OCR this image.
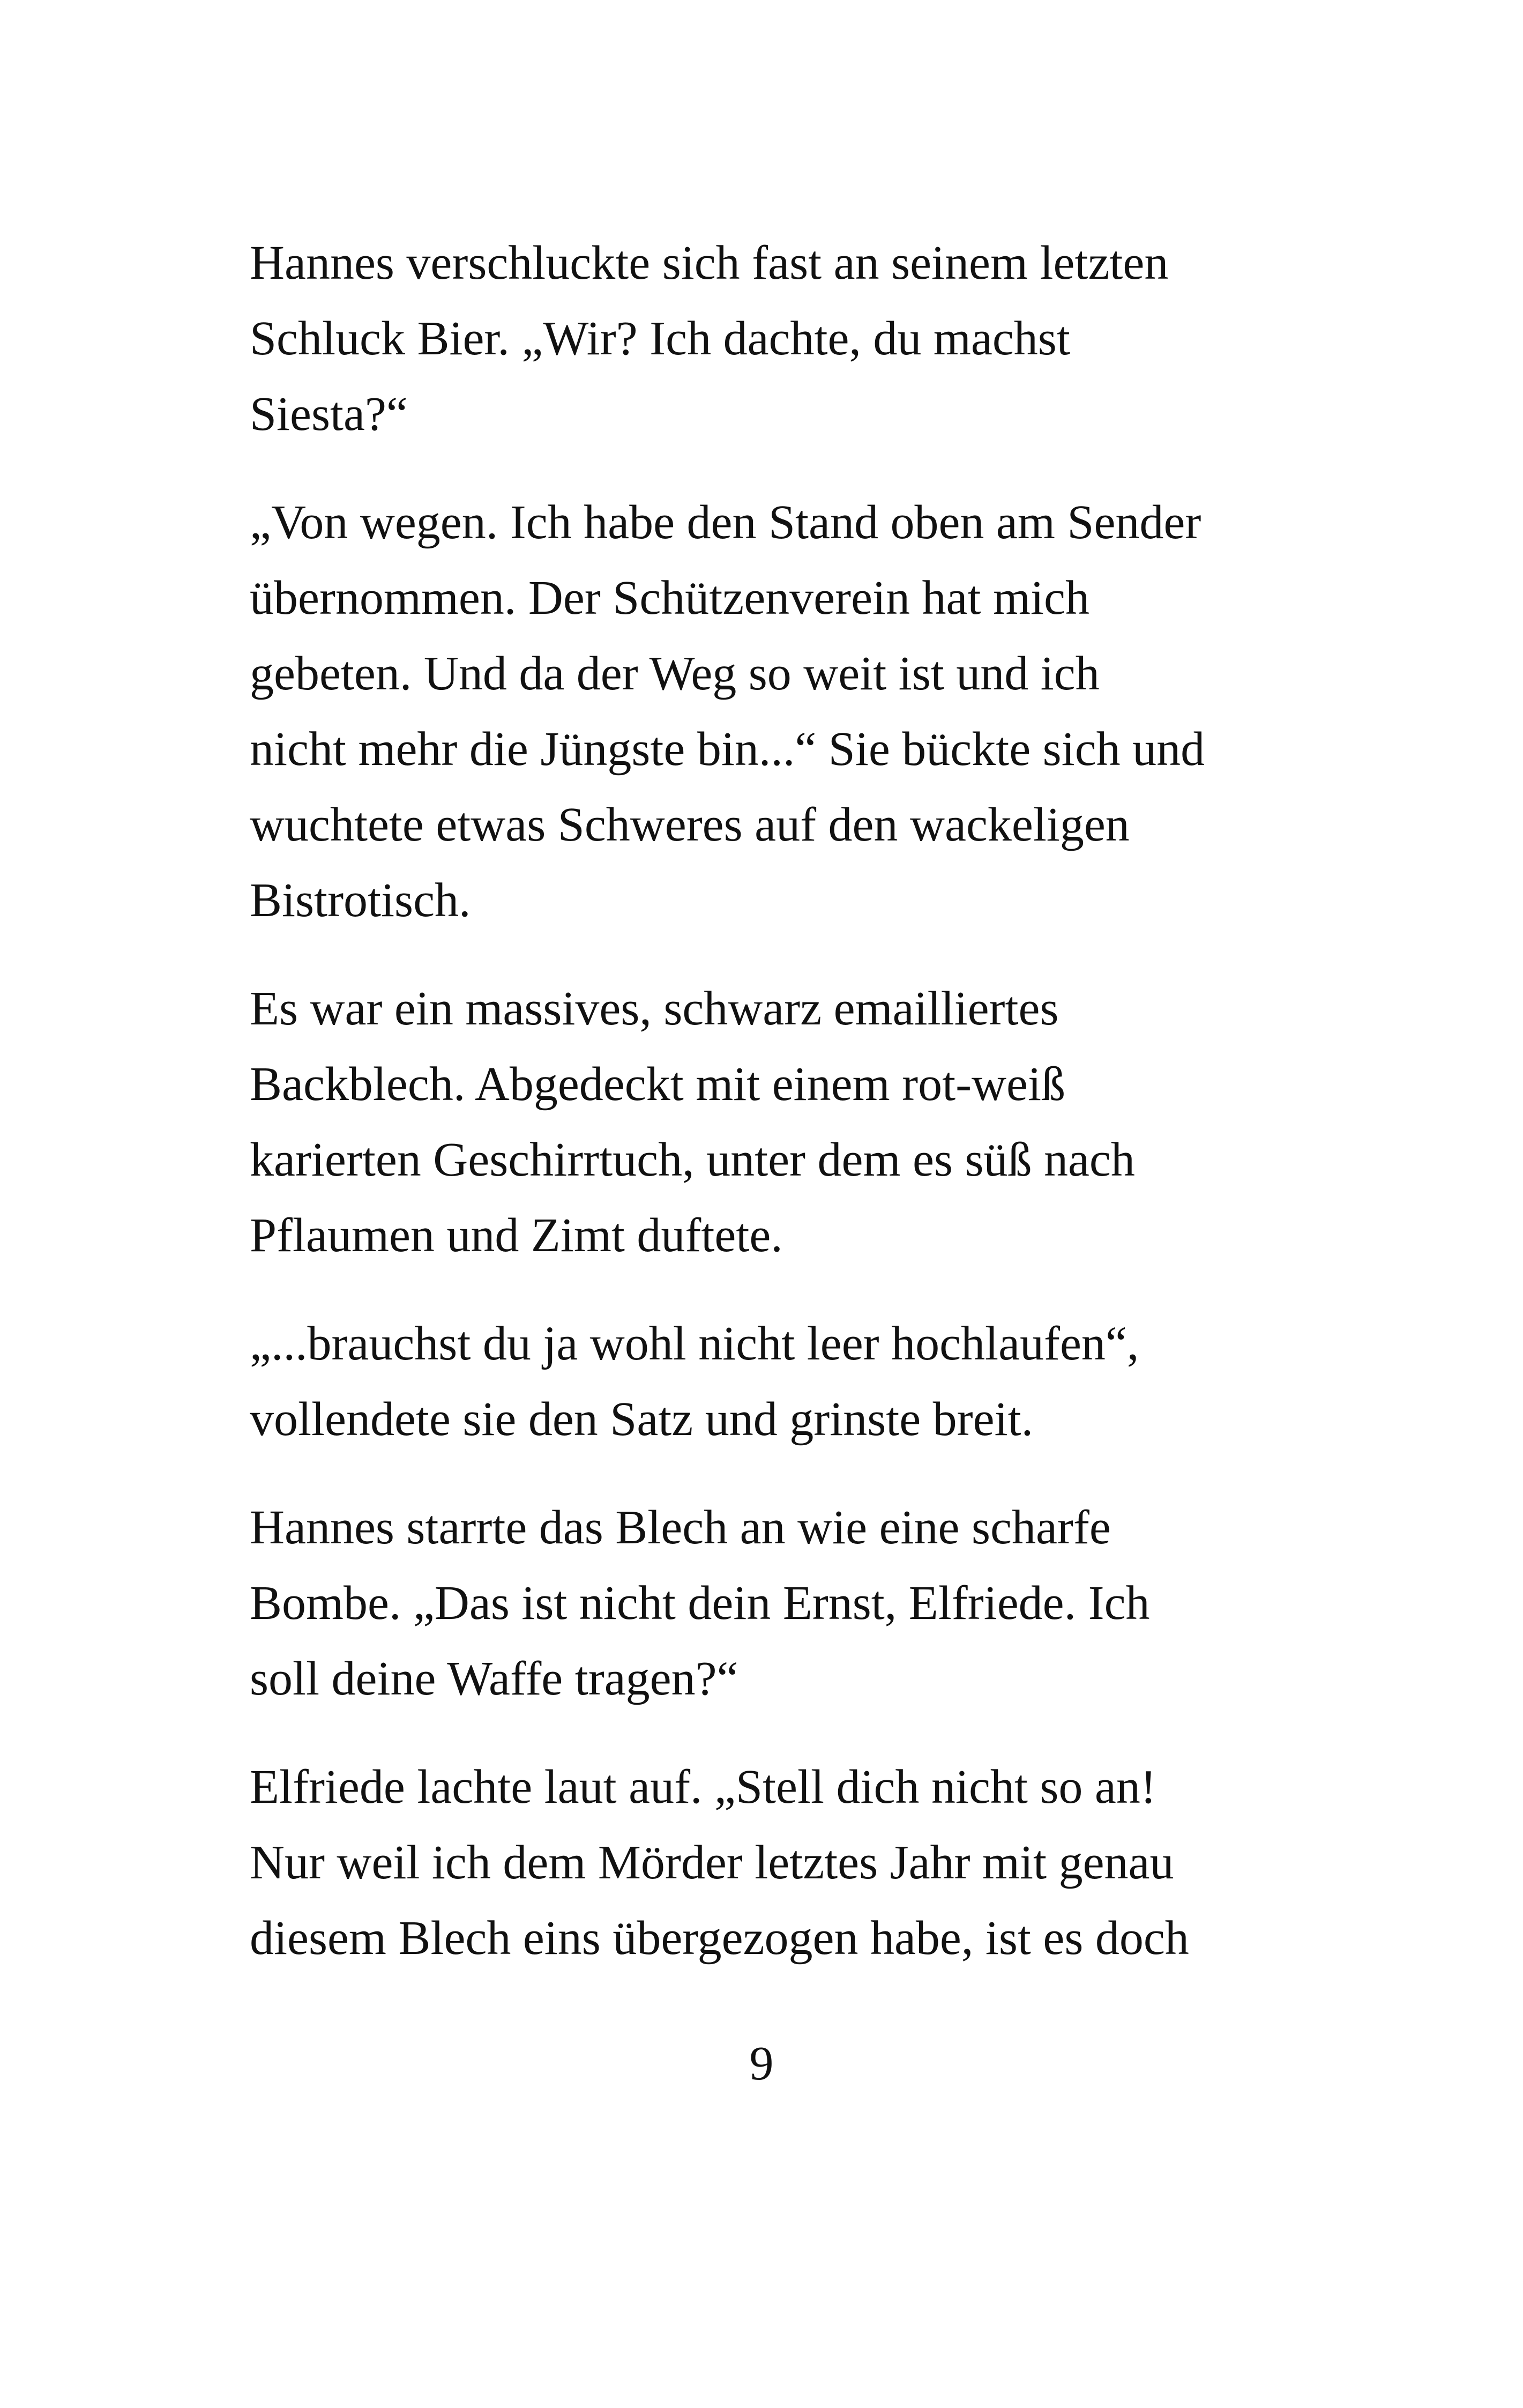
Hannes verschluckte sich fast an seinem letzten
Schluck Bier. „Wir? Ich dachte, du machst
Siesta?“

„Von wegen. Ich habe den Stand oben am Sender
übernommen. Der Schützenverein hat mich
gebeten. Und da der Weg so weit ist und ich
nicht mehr die Jüngste bin...“ Sie bückte sich und
wuchtete etwas Schweres auf den wackeligen
Bistrotisch.

Es war ein massives, schwarz emailliertes
Backblech. Abgedeckt mit einem rot-weiß
karierten Geschirrtuch, unter dem es süß nach
Pflaumen und Zimt duftete.

„...brauchst du ja wohl nicht leer hochlaufen“,
vollendete sie den Satz und grinste breit.

Hannes starrte das Blech an wie eine scharfe
Bombe. „Das ist nicht dein Ernst, Elfriede. Ich
soll deine Waffe tragen?“

Elfriede lachte laut auf. „Stell dich nicht so an!
Nur weil ich dem Mörder letztes Jahr mit genau
diesem Blech eins übergezogen habe, ist es doch

9
